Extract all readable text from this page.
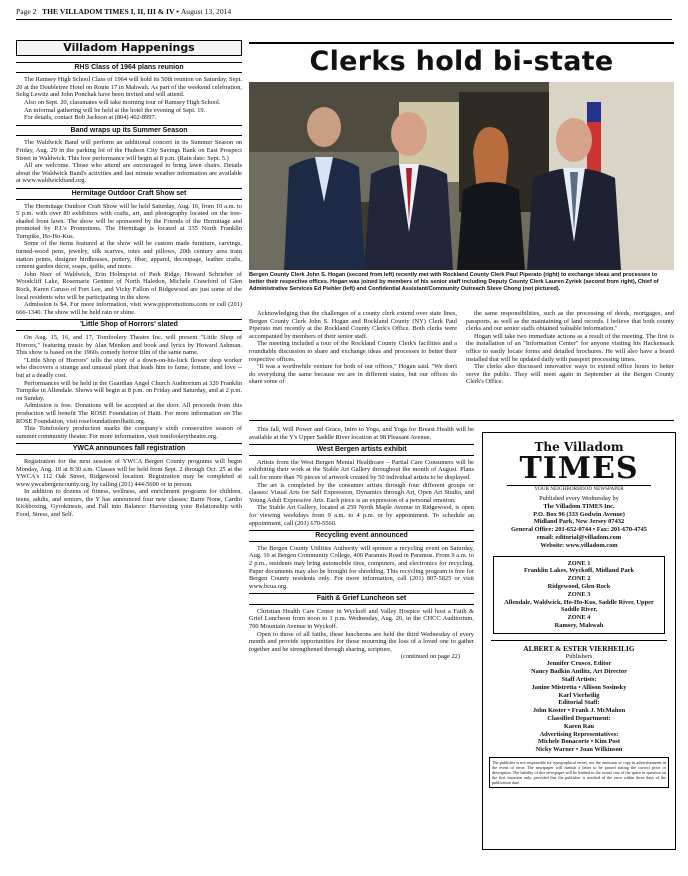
Page 2 THE VILLADOM TIMES I, II, III & IV • August 13, 2014
Villadom Happenings
RHS Class of 1964 plans reunion

The Ramsey High School Class of 1964 will hold its 50th reunion on Saturday, Sept. 20 at the Doubletree Hotel on Route 17 in Mahwah. As part of the weekend celebration, Selig Lewitz and John Ponchak have been invited and will attend.

Also on Sept. 20, classmates will take morning tour of Ramsey High School.

An informal gathering will be held at the hotel the evening of Sept. 19.

For details, contact Bob Jackson at (804) 402-8997.

Band wraps up its Summer Season

The Waldwick Band will perform an additional concert in its Summer Season on Friday, Aug. 29 in the parking lot of the Hudson City Savings Bank on East Prospect Street in Waldwick. This free performance will begin at 8 p.m. (Rain date: Sept. 5.)

All are welcome. Those who attend are encouraged to bring lawn chairs. Details about the Waldwick Band's activities and last minute weather information are available at www.waldwickband.org.

Hermitage Outdoor Craft Show set

The Hermitage Outdoor Craft Show will be held Saturday, Aug. 16, from 10 a.m. to 5 p.m. with over 80 exhibitors with crafts, art, and photography located on the tree-shaded front lawn. The show will be sponsored by the Friends of the Hermitage and promoted by P.J.'s Promotions. The Hermitage is located at 335 North Franklin Turnpike, Ho-Ho-Kus.

Some of the items featured at the show will be custom made furniture, carvings, turned-wood pens, jewelry, silk scarves, totes and pillows, 20th century area train station prints, designer birdhouses, pottery, fiber, apparel, decoupage, leather crafts, cement garden décor, soaps, quilts, and more.

John Neer of Waldwick, Erin Holmqvist of Park Ridge, Howard Schrieber of Woodcliff Lake, Rosemarie Gentner of North Haledon, Michele Crawford of Glen Rock, Karen Caruso of Fort Lee, and Vicky Fallon of Ridgewood are just some of the local residents who will be participating in the show.

Admission is $4. For more information, visit www.pjspromotions.com or call (201) 666-1340. The show will be held rain or shine.

'Little Shop of Horrors' slated

On Aug. 15, 16, and 17, Tomfoolery Theatre Inc. will present "Little Shop of Horrors," featuring music by Alan Menken and book and lyrics by Howard Ashman. This show is based on the 1960s comedy horror film of the same name.

"Little Shop of Horrors" tells the story of a down-on-his-luck flower shop worker who discovers a strange and unusual plant that leads him to fame, fortune, and love -- but at a deadly cost.

Performances will be held in the Guardian Angel Church Auditorium at 320 Franklin Turnpike in Allendale. Shows will begin at 8 p.m. on Friday and Saturday, and at 2 p.m. on Sunday.

Admission is free. Donations will be accepted at the door. All proceeds from this production will benefit The ROSE Foundation of Haiti. For more information on The ROSE Foundation, visit rosefoundationofhaiti.org.

This Tomfoolery production marks the company's sixth consecutive season of summer community theater. For more information, visit tomfoolerytheatre.org.

YWCA announces fall registration

Registration for the next session of YWCA Bergen County programs will begin Monday, Aug. 18 at 8:30 a.m. Classes will be held from Sept. 2 through Oct. 25 at the YWCA's 112 Oak Street, Ridgewood location. Registration may be completed at www.ywcabergencounty.org, by calling (201) 444-5600 or in person.

In addition to dozens of fitness, wellness, and enrichment programs for children, teens, adults, and seniors, the Y has announced four new classes: Barre None, Cardio Kickboxing, Gyrokinesis, and Fall into Balance: Harvesting your Relationship with Food, Stress, and Self.

Clerks hold bi-state
Bergen County Clerk John S. Hogan (second from left) recently met with Rockland County Clerk Paul Piperato (right) to exchange ideas and processes to better their respective offices. Hogan was joined by members of his senior staff including Deputy County Clerk Lauren Zyriek (second from right), Chief of Administrative Services Ed Piehler (left) and Confidential Assistant/Community Outreach Steve Chong (not pictured).

Acknowledging that the challenges of a county clerk extend over state lines, Bergen County Clerk John S. Hogan and Rockland County (NY) Clerk Paul Piperato met recently at the Rockland County Clerk's Office. Both clerks were accompanied by members of their senior staff.

The meeting included a tour of the Rockland County Clerk's facilities and a roundtable discussion to share and exchange ideas and processes to better their respective offices.

"It was a worthwhile venture for both of our offices," Hogan said. "We don't do everything the same because we are in different states, but our offices do share some of

the same responsibilities, such as the processing of deeds, mortgages, and passports, as well as the maintaining of land records. I believe that both county clerks and our senior staffs obtained valuable information."

Hogan will take two immediate actions as a result of the meeting. The first is the installation of an "Information Center" for anyone visiting his Hackensack office to easily locate forms and detailed brochures. He will also have a board installed that will be updated daily with passport processing times.

The clerks also discussed innovative ways to extend office hours to better serve the public. They will meet again in September at the Bergen County Clerk's Office.

This fall, Will Power and Grace, Intro to Yoga, and Yoga for Breast Health will be available at the Y's Upper Saddle River location at 98 Pleasant Avenue.

West Bergen artists exhibit

Artists from the West Bergen Mental Healthcare – Partial Care Consumers will be exhibiting their work at the Stable Art Gallery throughout the month of August. Plans call for more than 70 pieces of artwork created by 50 individual artists to be displayed.

The art is completed by the consumer artists through four different groups or classes: Visual Arts for Self Expression, Dynamics through Art, Open Art Studio, and Young Adult Expressive Arts. Each piece is an expression of a personal emotion.

The Stable Art Gallery, located at 259 North Maple Avenue in Ridgewood, is open for viewing weekdays from 9 a.m. to 4 p.m. or by appointment. To schedule an appointment, call (201) 670-5560.

Recycling event announced

The Bergen County Utilities Authority will sponsor a recycling event on Saturday, Aug. 16 at Bergen Community College, 400 Paramus Road in Paramus. From 9 a.m. to 2 p.m., residents may bring automobile tires, computers, and electronics for recycling. Paper documents may also be brought for shredding. This recycling program is free for Bergen County residents only. For more information, call (201) 807-5825 or visit www.bcua.org.

Faith & Grief Luncheon set

Christian Health Care Center in Wyckoff and Valley Hospice will host a Faith & Grief Luncheon from noon to 1 p.m. Wednesday, Aug. 20, in the CHCC Auditorium, 700 Mountain Avenue in Wyckoff.

Open to those of all faiths, these luncheons are held the third Wednesday of every month and provide opportunities for those mourning the loss of a loved one to gather together and be strengthened through sharing, scripture,

(continued on page 22)
The Villadom
TIMES
YOUR NEIGHBORHOOD NEWSPAPER
Published every Wednesday by
The Villadom TIMES Inc.
P.O. Box 96 (333 Godwin Avenue)
Midland Park, New Jersey 07432
General Office: 201-652-0744 • Fax: 201-670-4745
email: editorial@villadom.com
Website: www.villadom.com
ZONE 1
Franklin Lakes, Wyckoff, Midland Park
ZONE 2
Ridgewood, Glen Rock
ZONE 3
Allendale, Waldwick, Ho-Ho-Kus, Saddle River, Upper Saddle River,
ZONE 4
Ramsey, Mahwah
ALBERT & ESTER VIERHEILIG
Publishers
Jennifer Crusco, Editor
Nancy Badkin Antlitz, Art Director
Staff Artists:
Janine Mistretta • Allison Sosinsky
Karl Vierheilig
Editorial Staff:
John Koster • Frank J. McMahon
Classified Department:
Karen Rau
Advertising Representatives:
Michele Bonacorte • Kim Post
Nicky Warner • Joan Wilkinson
The publisher is not responsible for typographical errors, nor the omission of copy in advertisements in the event of error. The newspaper will furnish a letter to be posted stating the correct price or description. The liability of this newspaper will be limited to the actual cost of the space in question on the first insertion only, provided that the publisher is notified of the error within three days of the publication date.
